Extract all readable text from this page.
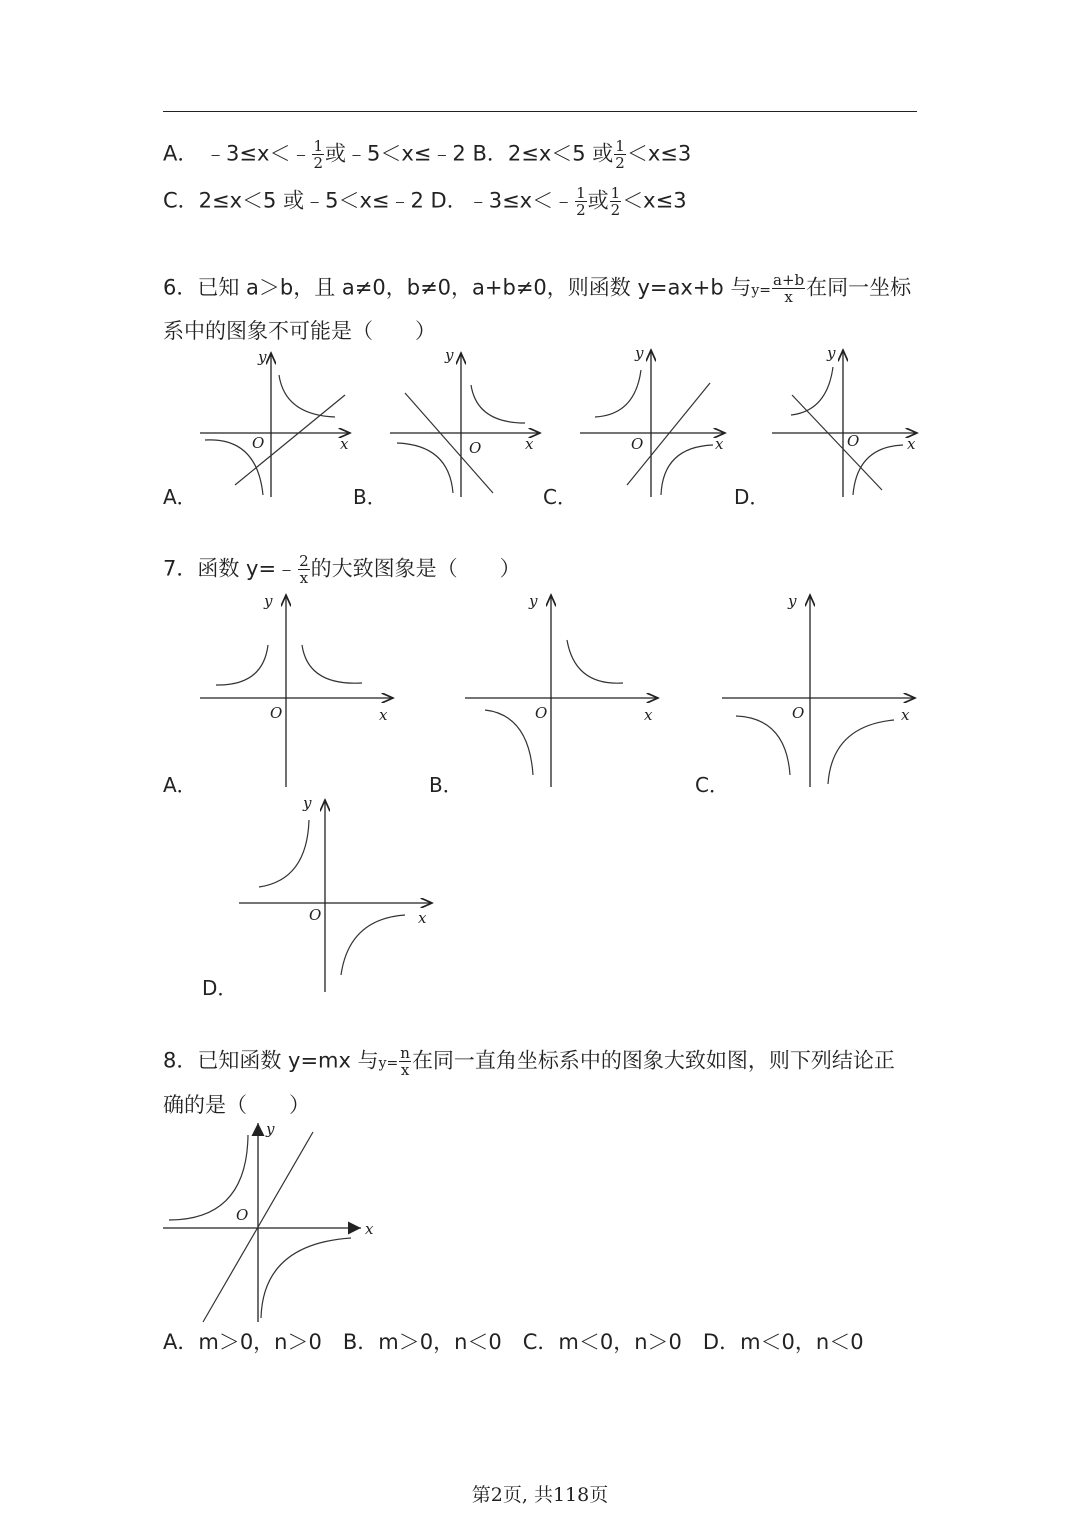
A． ﹣3≤x＜﹣ $\frac{1}{2}$ 或﹣5＜x≤﹣2 B．2≤x＜5 或 $\frac{1}{2} <x\le 3$
C．2≤x＜5 或﹣5＜x≤﹣2 D．﹣3≤x＜﹣ $\frac{1}{2}$ 或 $\frac{1}{2} <x\le 3$
6．已知 a＞b，且 a≠0，b≠0，a+b≠0，则函数 y=ax+b 与$y= \frac{a+b}{x}$ 在同一坐标
系中的图象不可能是（　　）
y
x
O
A．
y
x
O
B．
y
x
O
C．
y
x
O
D．
7．函数 y=﹣ $\frac{2}{x}$ 的大致图象是（　　）
y
x
O
A．
y
x
O
B．
y
x
O
C．
y
x
O
D．
8．已知函数 y=mx 与$y= \frac{n}{x}$ 在同一直角坐标系中的图象大致如图，则下列结论正
确的是（　　）
y
x
O
A．m＞0，n＞0　B．m＞0，n＜0　C．m＜0，n＞0　D．m＜0，n＜0
第2页, 共118页
